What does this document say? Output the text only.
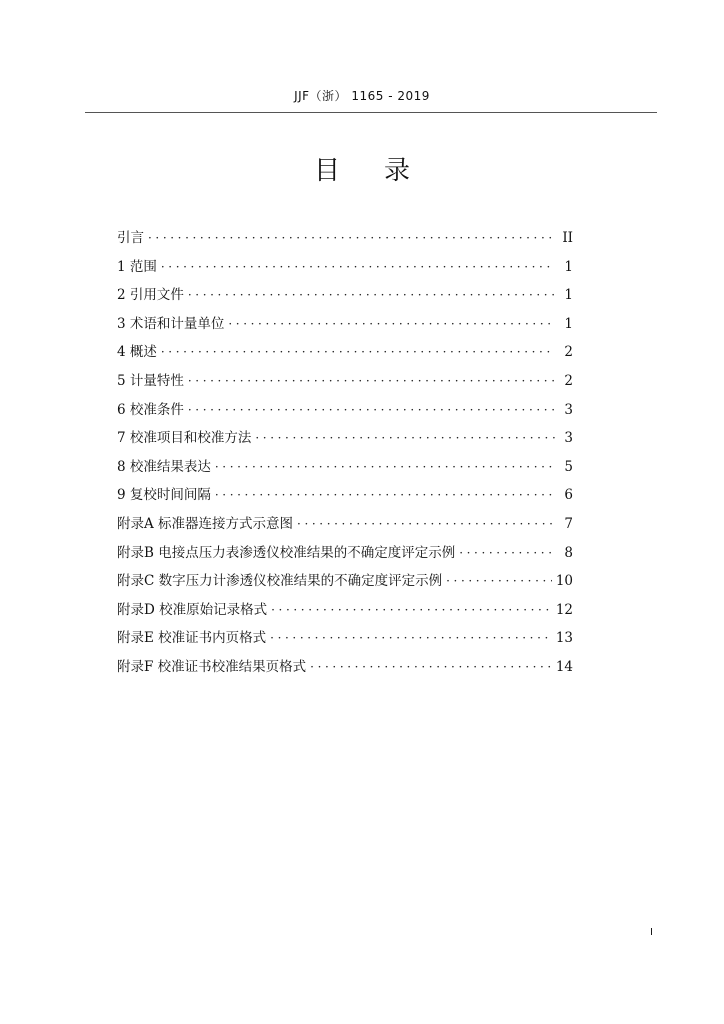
JJF（浙） 1165 - 2019
目录
引言 ·····	II
1 范围 ·····	1
2 引用文件 ·····	1
3 术语和计量单位 ·····	1
4 概述 ·····	2
5 计量特性 ·····	2
6 校准条件 ·····	3
7 校准项目和校准方法 ·····	3
8 校准结果表达 ·····	5
9 复校时间间隔 ·····	6
附录A 标准器连接方式示意图 ·····	7
附录B 电接点压力表渗透仪校准结果的不确定度评定示例 ·····	8
附录C 数字压力计渗透仪校准结果的不确定度评定示例 ·····	10
附录D 校准原始记录格式 ·····	12
附录E 校准证书内页格式 ·····	13
附录F 校准证书校准结果页格式 ·····	14
I
